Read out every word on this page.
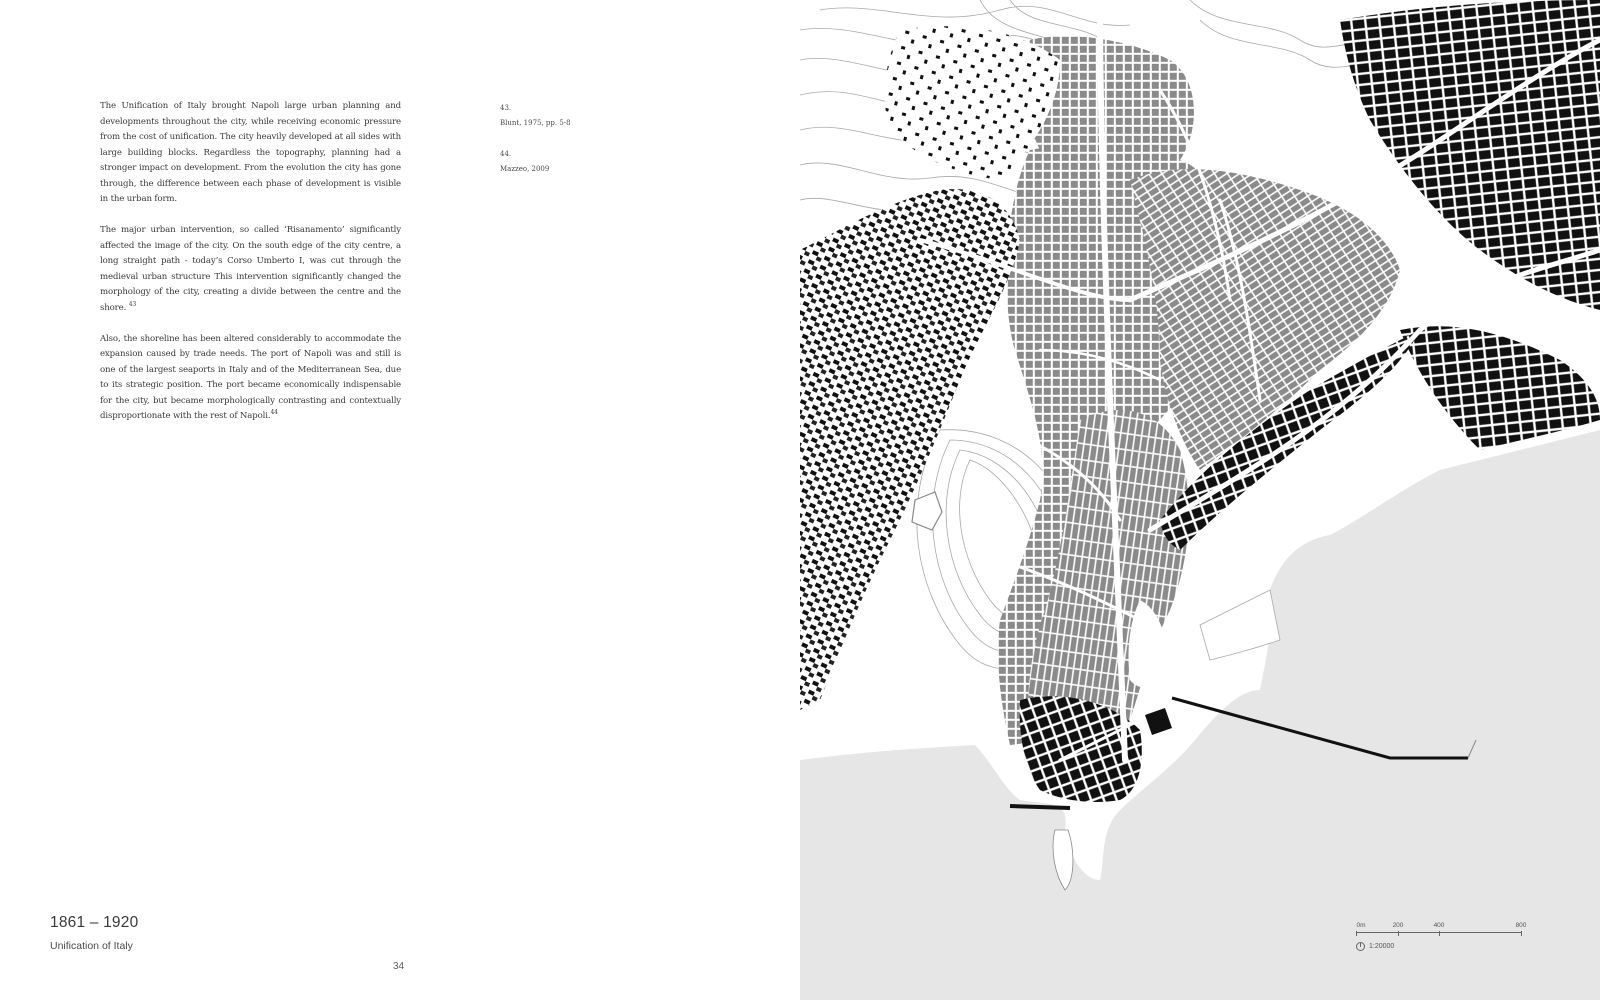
The Unification of Italy brought Napoli large urban planning and developments throughout the city, while receiving economic pressure from the cost of unification. The city heavily developed at all sides with large building blocks. Regardless the topography, planning had a stronger impact on development. From the evolution the city has gone through, the difference between each phase of development is visible in the urban form.

The major urban intervention, so called ‘Risanamento’ significantly affected the image of the city. On the south edge of the city centre, a long straight path - today’s Corso Umberto I, was cut through the medieval urban structure This intervention significantly changed the morphology of the city, creating a divide between the centre and the shore. $^{43}$

Also, the shoreline has been altered considerably to accommodate the expansion caused by trade needs. The port of Napoli was and still is one of the largest seaports in Italy and of the Mediterranean Sea, due to its strategic position. The port became economically indispensable for the city, but became morphologically contrasting and contextually disproportionate with the rest of Napoli.$^{44}$

43.
Blunt, 1975, pp. 5-8
44.
Mazzeo, 2009
1861 – 1920
Unification of Italy
34
0m	200	400	800
1:20000
